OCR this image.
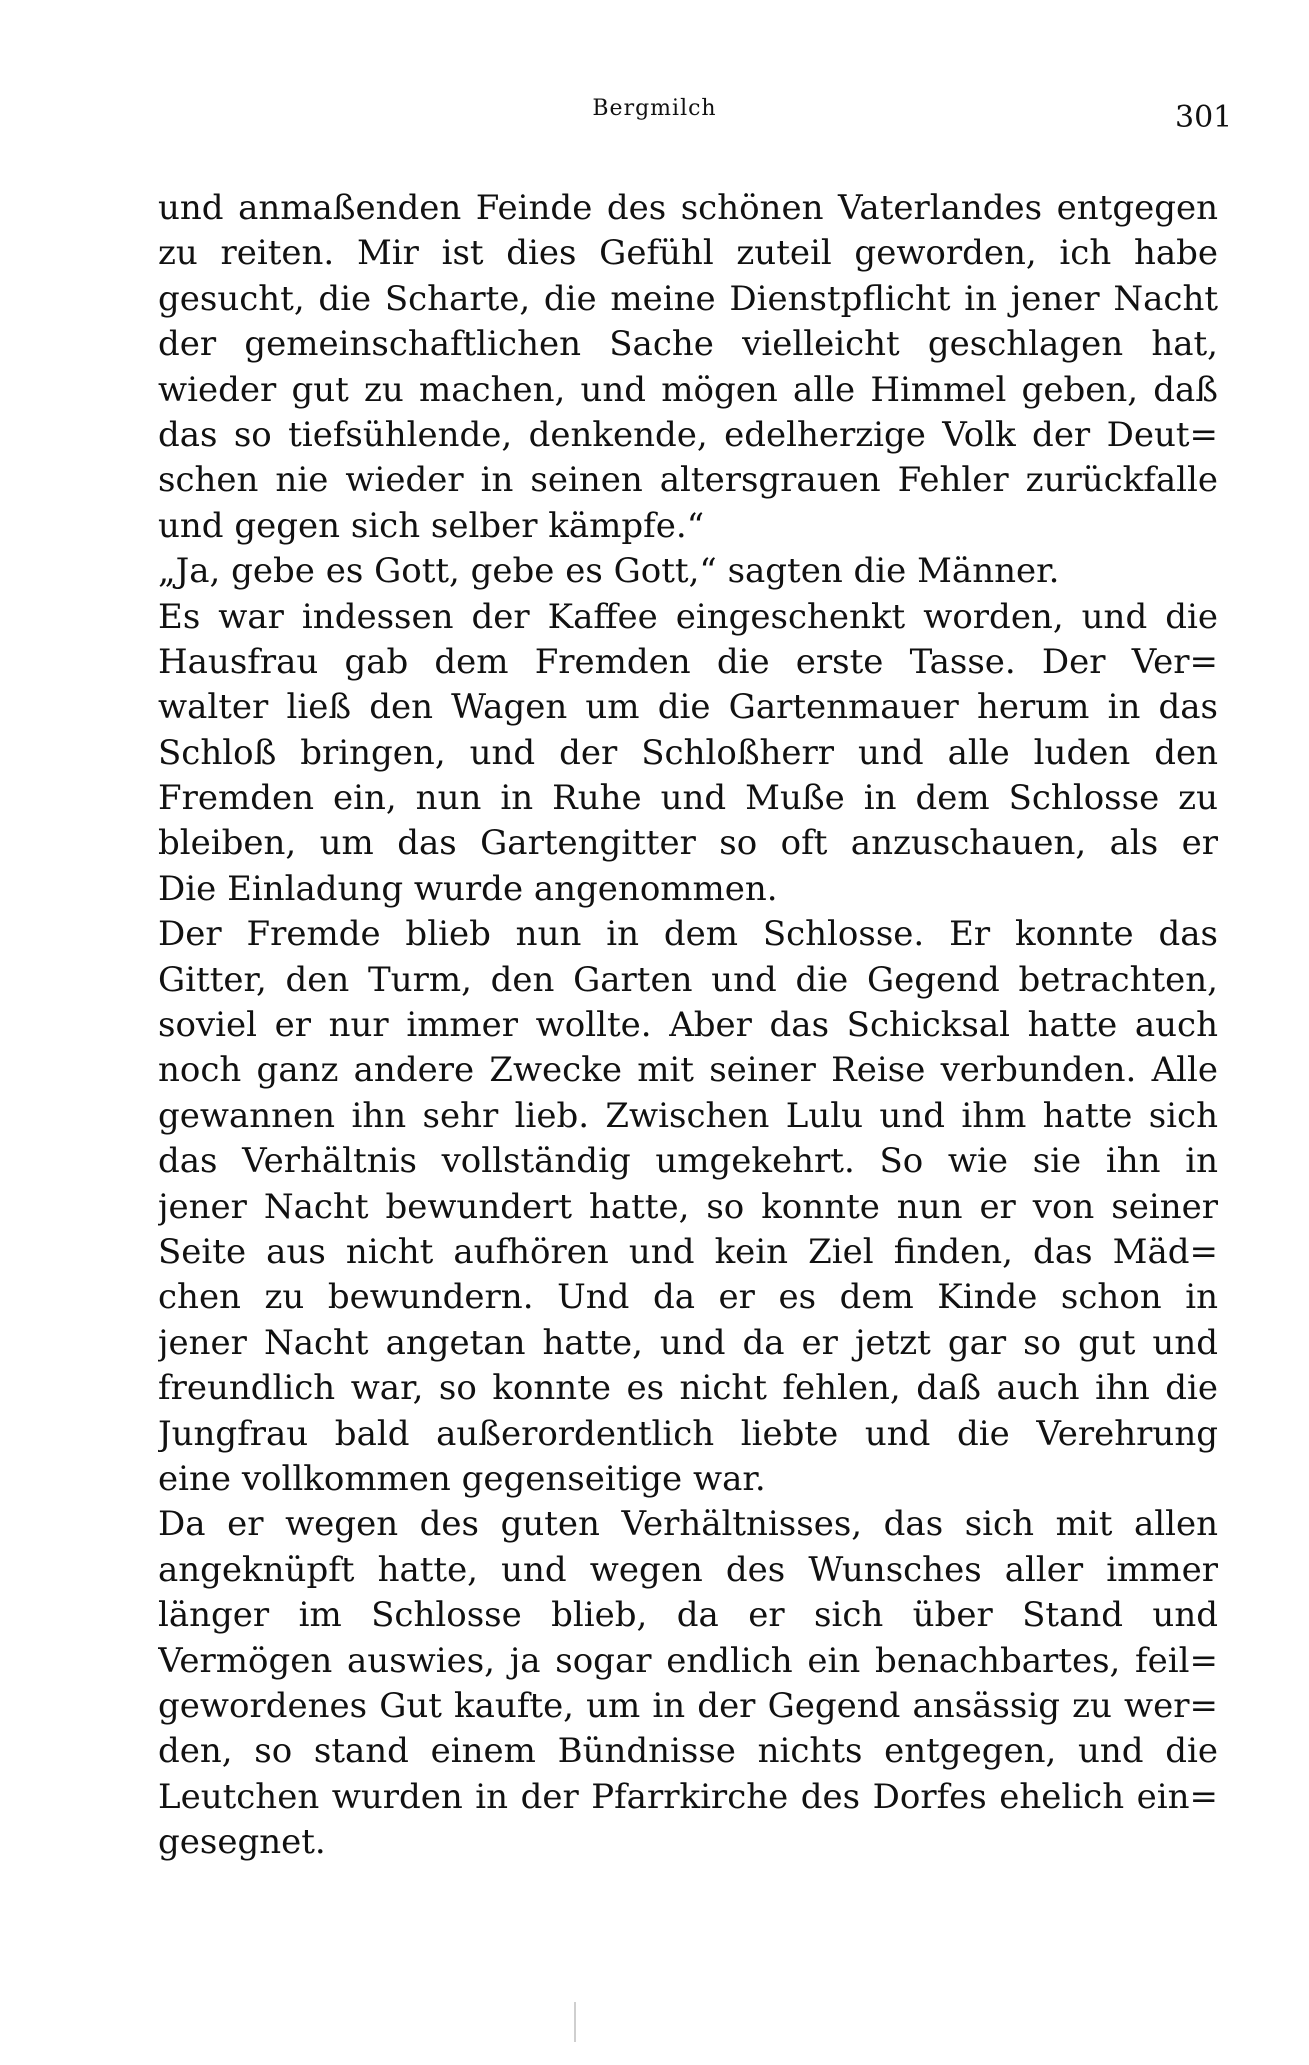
Bergmilch	301
und anmaßenden Feinde des schönen Vaterlandes entgegen
zu reiten. Mir ist dies Gefühl zuteil geworden, ich habe
gesucht, die Scharte, die meine Dienstpflicht in jener Nacht
der gemeinschaftlichen Sache vielleicht geschlagen hat,
wieder gut zu machen, und mögen alle Himmel geben, daß
das so tiefsühlende, denkende, edelherzige Volk der Deut=
schen nie wieder in seinen altersgrauen Fehler zurückfalle
und gegen sich selber kämpfe.“
„Ja, gebe es Gott, gebe es Gott,“ sagten die Männer.
Es war indessen der Kaffee eingeschenkt worden, und die
Hausfrau gab dem Fremden die erste Tasse. Der Ver=
walter ließ den Wagen um die Gartenmauer herum in das
Schloß bringen, und der Schloßherr und alle luden den
Fremden ein, nun in Ruhe und Muße in dem Schlosse zu
bleiben, um das Gartengitter so oft anzuschauen, als er
Die Einladung wurde angenommen.
Der Fremde blieb nun in dem Schlosse. Er konnte das
Gitter, den Turm, den Garten und die Gegend betrachten,
soviel er nur immer wollte. Aber das Schicksal hatte auch
noch ganz andere Zwecke mit seiner Reise verbunden. Alle
gewannen ihn sehr lieb. Zwischen Lulu und ihm hatte sich
das Verhältnis vollständig umgekehrt. So wie sie ihn in
jener Nacht bewundert hatte, so konnte nun er von seiner
Seite aus nicht aufhören und kein Ziel finden, das Mäd=
chen zu bewundern. Und da er es dem Kinde schon in
jener Nacht angetan hatte, und da er jetzt gar so gut und
freundlich war, so konnte es nicht fehlen, daß auch ihn die
Jungfrau bald außerordentlich liebte und die Verehrung
eine vollkommen gegenseitige war.
Da er wegen des guten Verhältnisses, das sich mit allen
angeknüpft hatte, und wegen des Wunsches aller immer
länger im Schlosse blieb, da er sich über Stand und
Vermögen auswies, ja sogar endlich ein benachbartes, feil=
gewordenes Gut kaufte, um in der Gegend ansässig zu wer=
den, so stand einem Bündnisse nichts entgegen, und die
Leutchen wurden in der Pfarrkirche des Dorfes ehelich ein=
gesegnet.
